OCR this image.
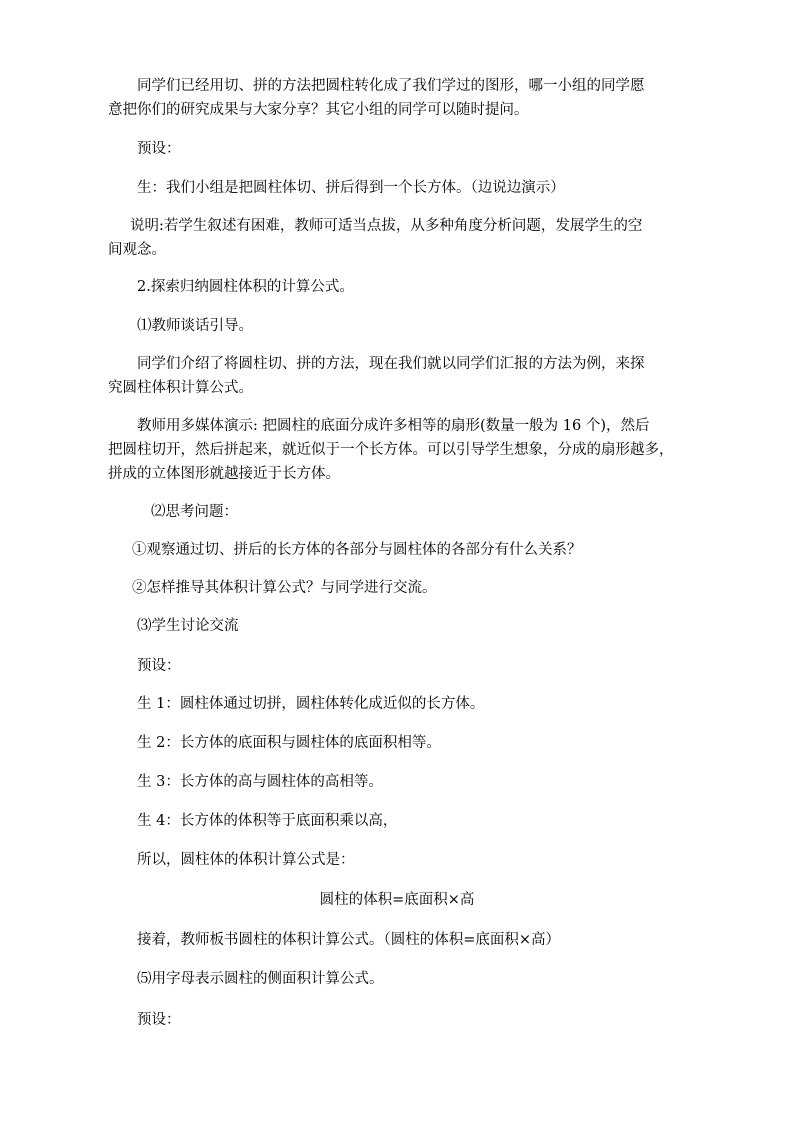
同学们已经用切、拼的方法把圆柱转化成了我们学过的图形，哪一小组的同学愿
意把你们的研究成果与大家分享？其它小组的同学可以随时提问。
预设：
生：我们小组是把圆柱体切、拼后得到一个长方体。（边说边演示）
说明:若学生叙述有困难，教师可适当点拔，从多种角度分析问题，发展学生的空
间观念。
2.探索归纳圆柱体积的计算公式。
⑴教师谈话引导。
同学们介绍了将圆柱切、拼的方法，现在我们就以同学们汇报的方法为例，来探
究圆柱体积计算公式。
教师用多媒体演示: 把圆柱的底面分成许多相等的扇形(数量一般为 16 个)，然后
把圆柱切开，然后拼起来，就近似于一个长方体。可以引导学生想象，分成的扇形越多，
拼成的立体图形就越接近于长方体。
⑵思考问题：
①观察通过切、拼后的长方体的各部分与圆柱体的各部分有什么关系？
②怎样推导其体积计算公式？与同学进行交流。
⑶学生讨论交流
预设：
生 1：圆柱体通过切拼，圆柱体转化成近似的长方体。
生 2：长方体的底面积与圆柱体的底面积相等。
生 3：长方体的高与圆柱体的高相等。
生 4：长方体的体积等于底面积乘以高，
所以，圆柱体的体积计算公式是：
圆柱的体积=底面积×高
接着，教师板书圆柱的体积计算公式。（圆柱的体积=底面积×高）
⑸用字母表示圆柱的侧面积计算公式。
预设：
